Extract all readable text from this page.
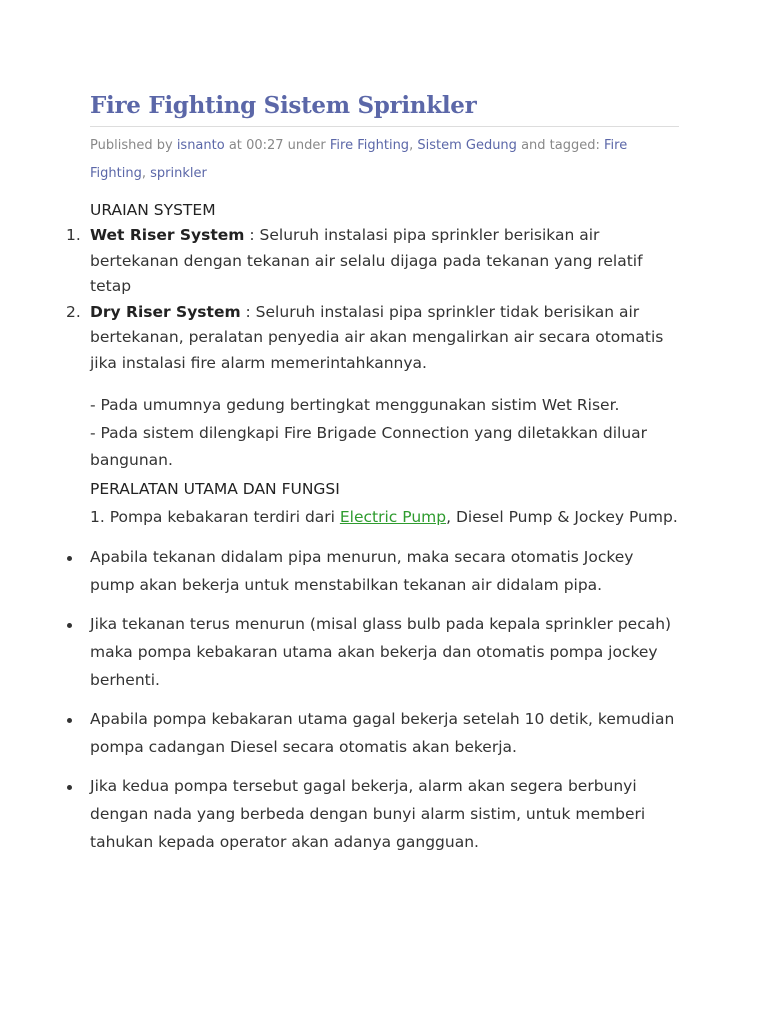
Fire Fighting Sistem Sprinkler
Published by isnanto at 00:27 under Fire Fighting, Sistem Gedung and tagged: Fire Fighting, sprinkler
URAIAN SYSTEM
1. Wet Riser System : Seluruh instalasi pipa sprinkler berisikan air bertekanan dengan tekanan air selalu dijaga pada tekanan yang relatif tetap
2. Dry Riser System : Seluruh instalasi pipa sprinkler tidak berisikan air bertekanan, peralatan penyedia air akan mengalirkan air secara otomatis jika instalasi fire alarm memerintahkannya.
- Pada umumnya gedung bertingkat menggunakan sistim Wet Riser.
- Pada sistem dilengkapi Fire Brigade Connection yang diletakkan diluar bangunan.
PERALATAN UTAMA DAN FUNGSI
1. Pompa kebakaran terdiri dari Electric Pump, Diesel Pump & Jockey Pump.
Apabila tekanan didalam pipa menurun, maka secara otomatis Jockey pump akan bekerja untuk menstabilkan tekanan air didalam pipa.
Jika tekanan terus menurun (misal glass bulb pada kepala sprinkler pecah) maka pompa kebakaran utama akan bekerja dan otomatis pompa jockey berhenti.
Apabila pompa kebakaran utama gagal bekerja setelah 10 detik, kemudian pompa cadangan Diesel secara otomatis akan bekerja.
Jika kedua pompa tersebut gagal bekerja, alarm akan segera berbunyi dengan nada yang berbeda dengan bunyi alarm sistim, untuk memberi tahukan kepada operator akan adanya gangguan.
